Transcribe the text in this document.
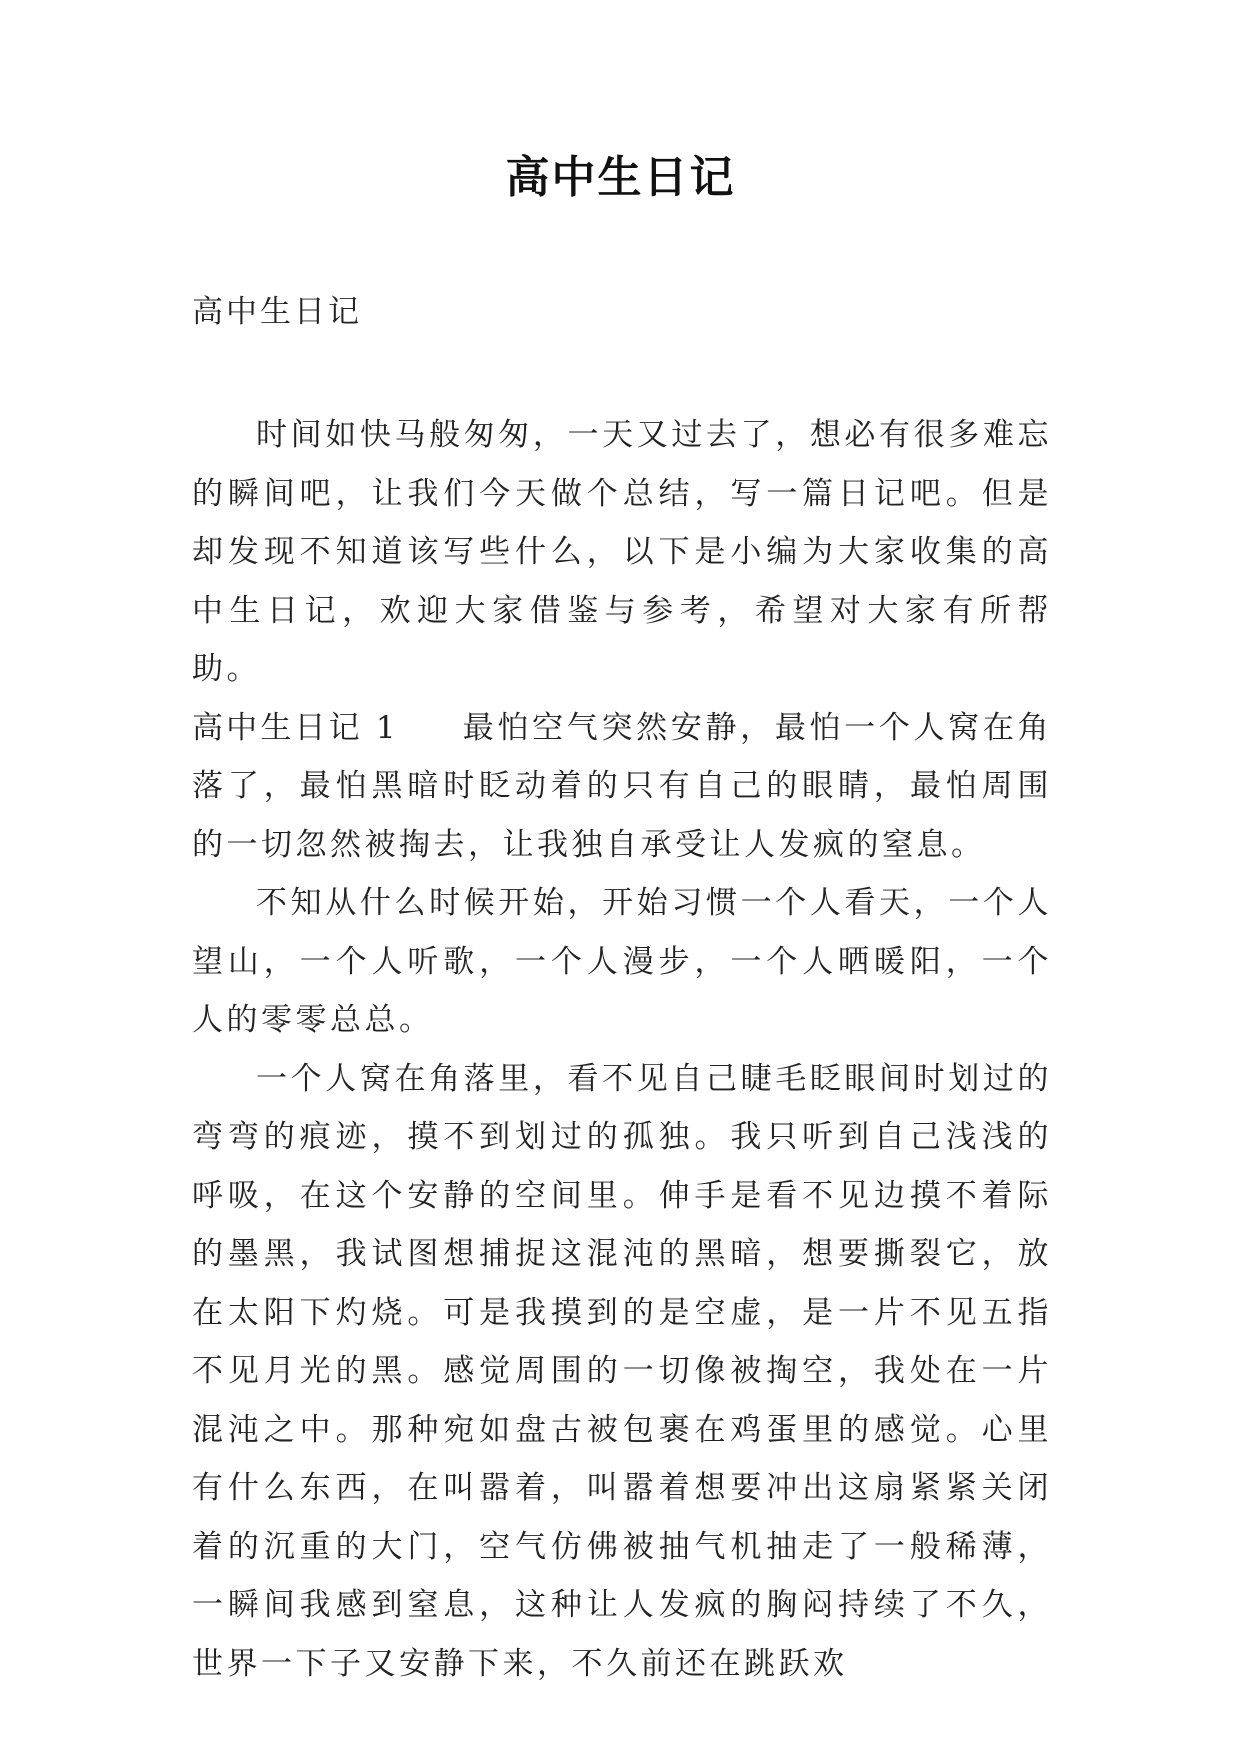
高中生日记
高中生日记

时间如快马般匆匆，一天又过去了，想必有很多难忘的瞬间吧，让我们今天做个总结，写一篇日记吧。但是却发现不知道该写些什么，以下是小编为大家收集的高中生日记，欢迎大家借鉴与参考，希望对大家有所帮助。

高中生日记 1 最怕空气突然安静，最怕一个人窝在角落了，最怕黑暗时眨动着的只有自己的眼睛，最怕周围的一切忽然被掏去，让我独自承受让人发疯的窒息。

不知从什么时候开始，开始习惯一个人看天，一个人望山，一个人听歌，一个人漫步，一个人晒暖阳，一个人的零零总总。

一个人窝在角落里，看不见自己睫毛眨眼间时划过的弯弯的痕迹，摸不到划过的孤独。我只听到自己浅浅的呼吸，在这个安静的空间里。伸手是看不见边摸不着际的墨黑，我试图想捕捉这混沌的黑暗，想要撕裂它，放在太阳下灼烧。可是我摸到的是空虚，是一片不见五指不见月光的黑。感觉周围的一切像被掏空，我处在一片混沌之中。那种宛如盘古被包裹在鸡蛋里的感觉。心里有什么东西，在叫嚣着，叫嚣着想要冲出这扇紧紧关闭着的沉重的大门，空气仿佛被抽气机抽走了一般稀薄，一瞬间我感到窒息，这种让人发疯的胸闷持续了不久，世界一下子又安静下来，不久前还在跳跃欢
